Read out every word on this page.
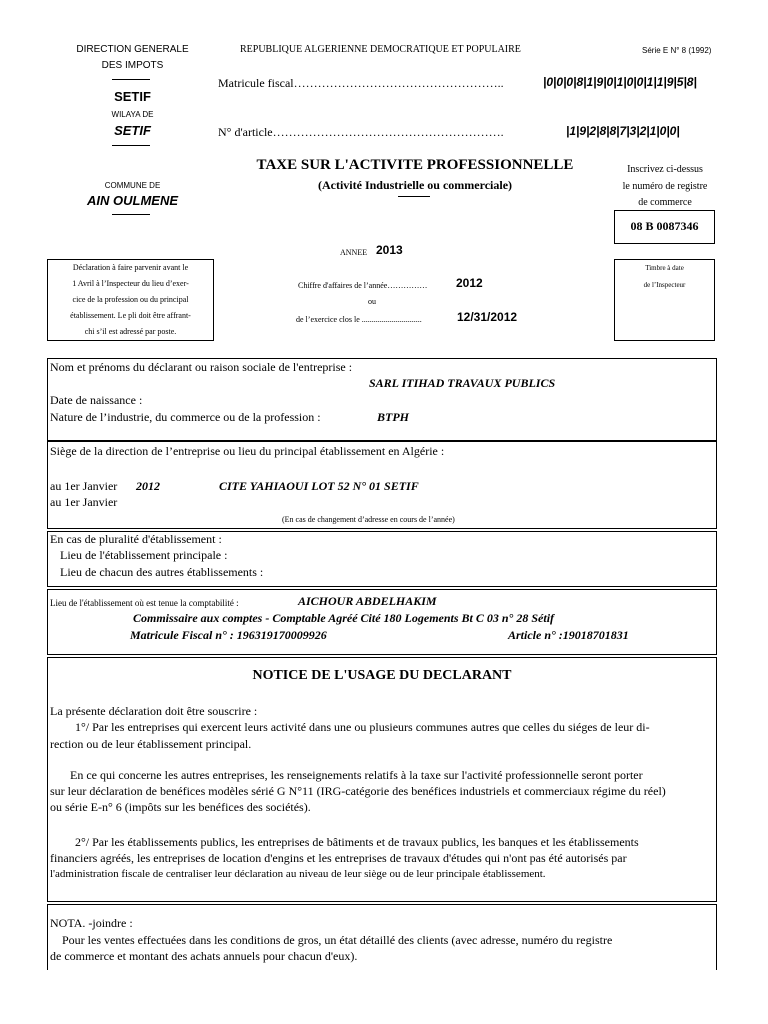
DIRECTION GENERALE
DES IMPOTS
SETIF
WILAYA DE
SETIF
REPUBLIQUE ALGERIENNE DEMOCRATIQUE ET POPULAIRE	Série E N° 8 (1992)
Matricule fiscal……………………………………………..	|0|0|0|8|1|9|0|1|0|0|1|1|9|5|8|
N° d'article………………………………………………….	|1|9|2|8|8|7|3|2|1|0|0|
TAXE SUR L'ACTIVITE PROFESSIONNELLE
(Activité Industrielle ou commerciale)
Inscrivez ci-dessus
le numéro de registre
de commerce
08 B 0087346
COMMUNE DE
AIN OULMENE
ANNEE 2013
Déclaration à faire parvenir avant le
1 Avril à l’Inspecteur du lieu d’exer-
cice de la profession ou du principal
établissement. Le pli doit être affrant-
chi s’il est adressé par poste.
Chiffre d'affaires de l’année…………… 2012
ou
de l’exercice clos le ..............................	12/31/2012
Timbre à date
de l’Inspecteur
Nom et prénoms du déclarant ou raison sociale de l'entreprise :
SARL ITIHAD TRAVAUX PUBLICS
Date de naissance :
Nature de l’industrie, du commerce ou de la profession :	BTPH
Siège de la direction de l’entreprise ou lieu du principal établissement en Algérie :
au 1er Janvier 2012	CITE YAHIAOUI LOT 52 N° 01 SETIF
au 1er Janvier
(En cas de changement d’adresse en cours de l’année)
En cas de pluralité d'établissement :
Lieu de l'établissement principale :
Lieu de chacun des autres établissements :
Lieu de l'établissement où est tenue la comptabilité :	AICHOUR ABDELHAKIM
Commissaire aux comptes - Comptable Agréé Cité 180 Logements Bt C 03 n° 28 Sétif
Matricule Fiscal n° : 196319170009926	Article n° :19018701831
NOTICE DE L'USAGE DU DECLARANT
La présente déclaration doit être souscrire :
1°/ Par les entreprises qui exercent leurs activité dans une ou plusieurs communes autres que celles du siéges de leur di-
rection ou de leur établissement principal.
En ce qui concerne les autres entreprises, les renseignements relatifs à la taxe sur l'activité professionnelle seront porter
sur leur déclaration de benéfices modèles sérié G N°11 (IRG-catégorie des benéfices industriels et commerciaux régime du réel)
ou série E-n° 6 (impôts sur les benéfices des sociétés).
2°/ Par les établissements publics, les entreprises de bâtiments et de travaux publics, les banques et les établissements
financiers agréés, les entreprises de location d'engins et les entreprises de travaux d'études qui n'ont pas été autorisés par
l'administration fiscale de centraliser leur déclaration au niveau de leur siège ou de leur principale établissement.
NOTA. -joindre :
Pour les ventes effectuées dans les conditions de gros, un état détaillé des clients (avec adresse, numéro du registre
de commerce et montant des achats annuels pour chacun d'eux).
